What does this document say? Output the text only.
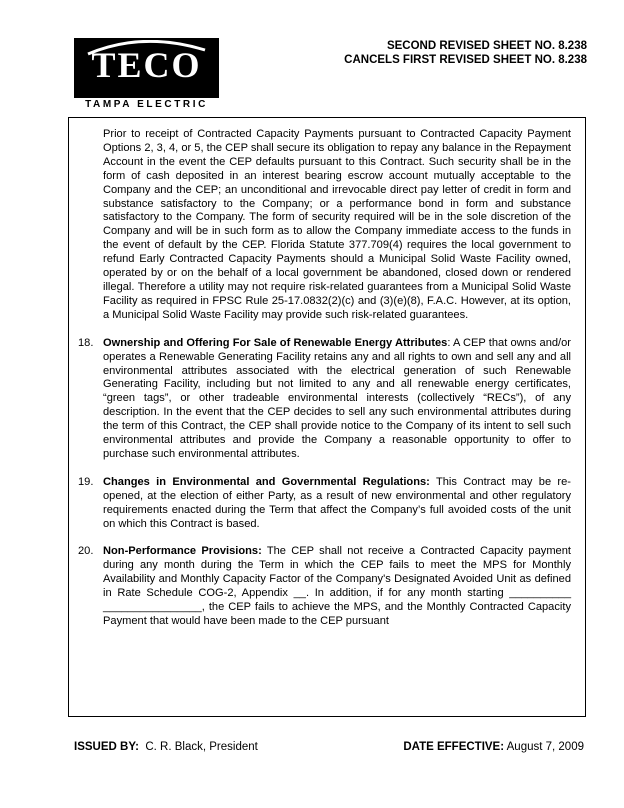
TECO
TAMPA ELECTRIC
SECOND REVISED SHEET NO. 8.238
CANCELS FIRST REVISED SHEET NO. 8.238

Prior to receipt of Contracted Capacity Payments pursuant to Contracted Capacity Payment Options 2, 3, 4, or 5, the CEP shall secure its obligation to repay any balance in the Repayment Account in the event the CEP defaults pursuant to this Contract. Such security shall be in the form of cash deposited in an interest bearing escrow account mutually acceptable to the Company and the CEP; an unconditional and irrevocable direct pay letter of credit in form and substance satisfactory to the Company; or a performance bond in form and substance satisfactory to the Company. The form of security required will be in the sole discretion of the Company and will be in such form as to allow the Company immediate access to the funds in the event of default by the CEP. Florida Statute 377.709(4) requires the local government to refund Early Contracted Capacity Payments should a Municipal Solid Waste Facility owned, operated by or on the behalf of a local government be abandoned, closed down or rendered illegal. Therefore a utility may not require risk-related guarantees from a Municipal Solid Waste Facility as required in FPSC Rule 25-17.0832(2)(c) and (3)(e)(8), F.A.C. However, at its option, a Municipal Solid Waste Facility may provide such risk-related guarantees.

18. Ownership and Offering For Sale of Renewable Energy Attributes: A CEP that owns and/or operates a Renewable Generating Facility retains any and all rights to own and sell any and all environmental attributes associated with the electrical generation of such Renewable Generating Facility, including but not limited to any and all renewable energy certificates, “green tags”, or other tradeable environmental interests (collectively “RECs”), of any description. In the event that the CEP decides to sell any such environmental attributes during the term of this Contract, the CEP shall provide notice to the Company of its intent to sell such environmental attributes and provide the Company a reasonable opportunity to offer to purchase such environmental attributes.

19. Changes in Environmental and Governmental Regulations: This Contract may be re-opened, at the election of either Party, as a result of new environmental and other regulatory requirements enacted during the Term that affect the Company’s full avoided costs of the unit on which this Contract is based.

20. Non-Performance Provisions: The CEP shall not receive a Contracted Capacity payment during any month during the Term in which the CEP fails to meet the MPS for Monthly Availability and Monthly Capacity Factor of the Company's Designated Avoided Unit as defined in Rate Schedule COG-2, Appendix __. In addition, if for any month starting __________ ________________, the CEP fails to achieve the MPS, and the Monthly Contracted Capacity Payment that would have been made to the CEP pursuant

ISSUED BY: C. R. Black, President	DATE EFFECTIVE: August 7, 2009
